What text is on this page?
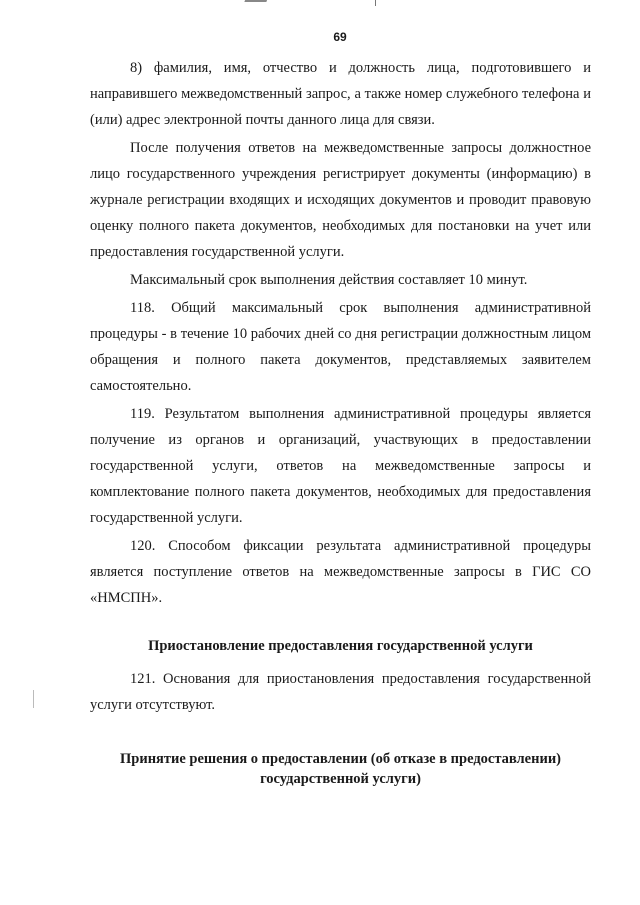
69

8) фамилия, имя, отчество и должность лица, подготовившего и направившего межведомственный запрос, а также номер служебного телефона и (или) адрес электронной почты данного лица для связи.

После получения ответов на межведомственные запросы должностное лицо государственного учреждения регистрирует документы (информацию) в журнале регистрации входящих и исходящих документов и проводит правовую оценку полного пакета документов, необходимых для постановки на учет или предоставления государственной услуги.

Максимальный срок выполнения действия составляет 10 минут.

118. Общий максимальный срок выполнения административной процедуры - в течение 10 рабочих дней со дня регистрации должностным лицом обращения и полного пакета документов, представляемых заявителем самостоятельно.

119. Результатом выполнения административной процедуры является получение из органов и организаций, участвующих в предоставлении государственной услуги, ответов на межведомственные запросы и комплектование полного пакета документов, необходимых для предоставления государственной услуги.

120. Способом фиксации результата административной процедуры является поступление ответов на межведомственные запросы в ГИС СО «НМСПН».

Приостановление предоставления государственной услуги

121. Основания для приостановления предоставления государственной услуги отсутствуют.

Принятие решения о предоставлении (об отказе в предоставлении)
государственной услуги)
